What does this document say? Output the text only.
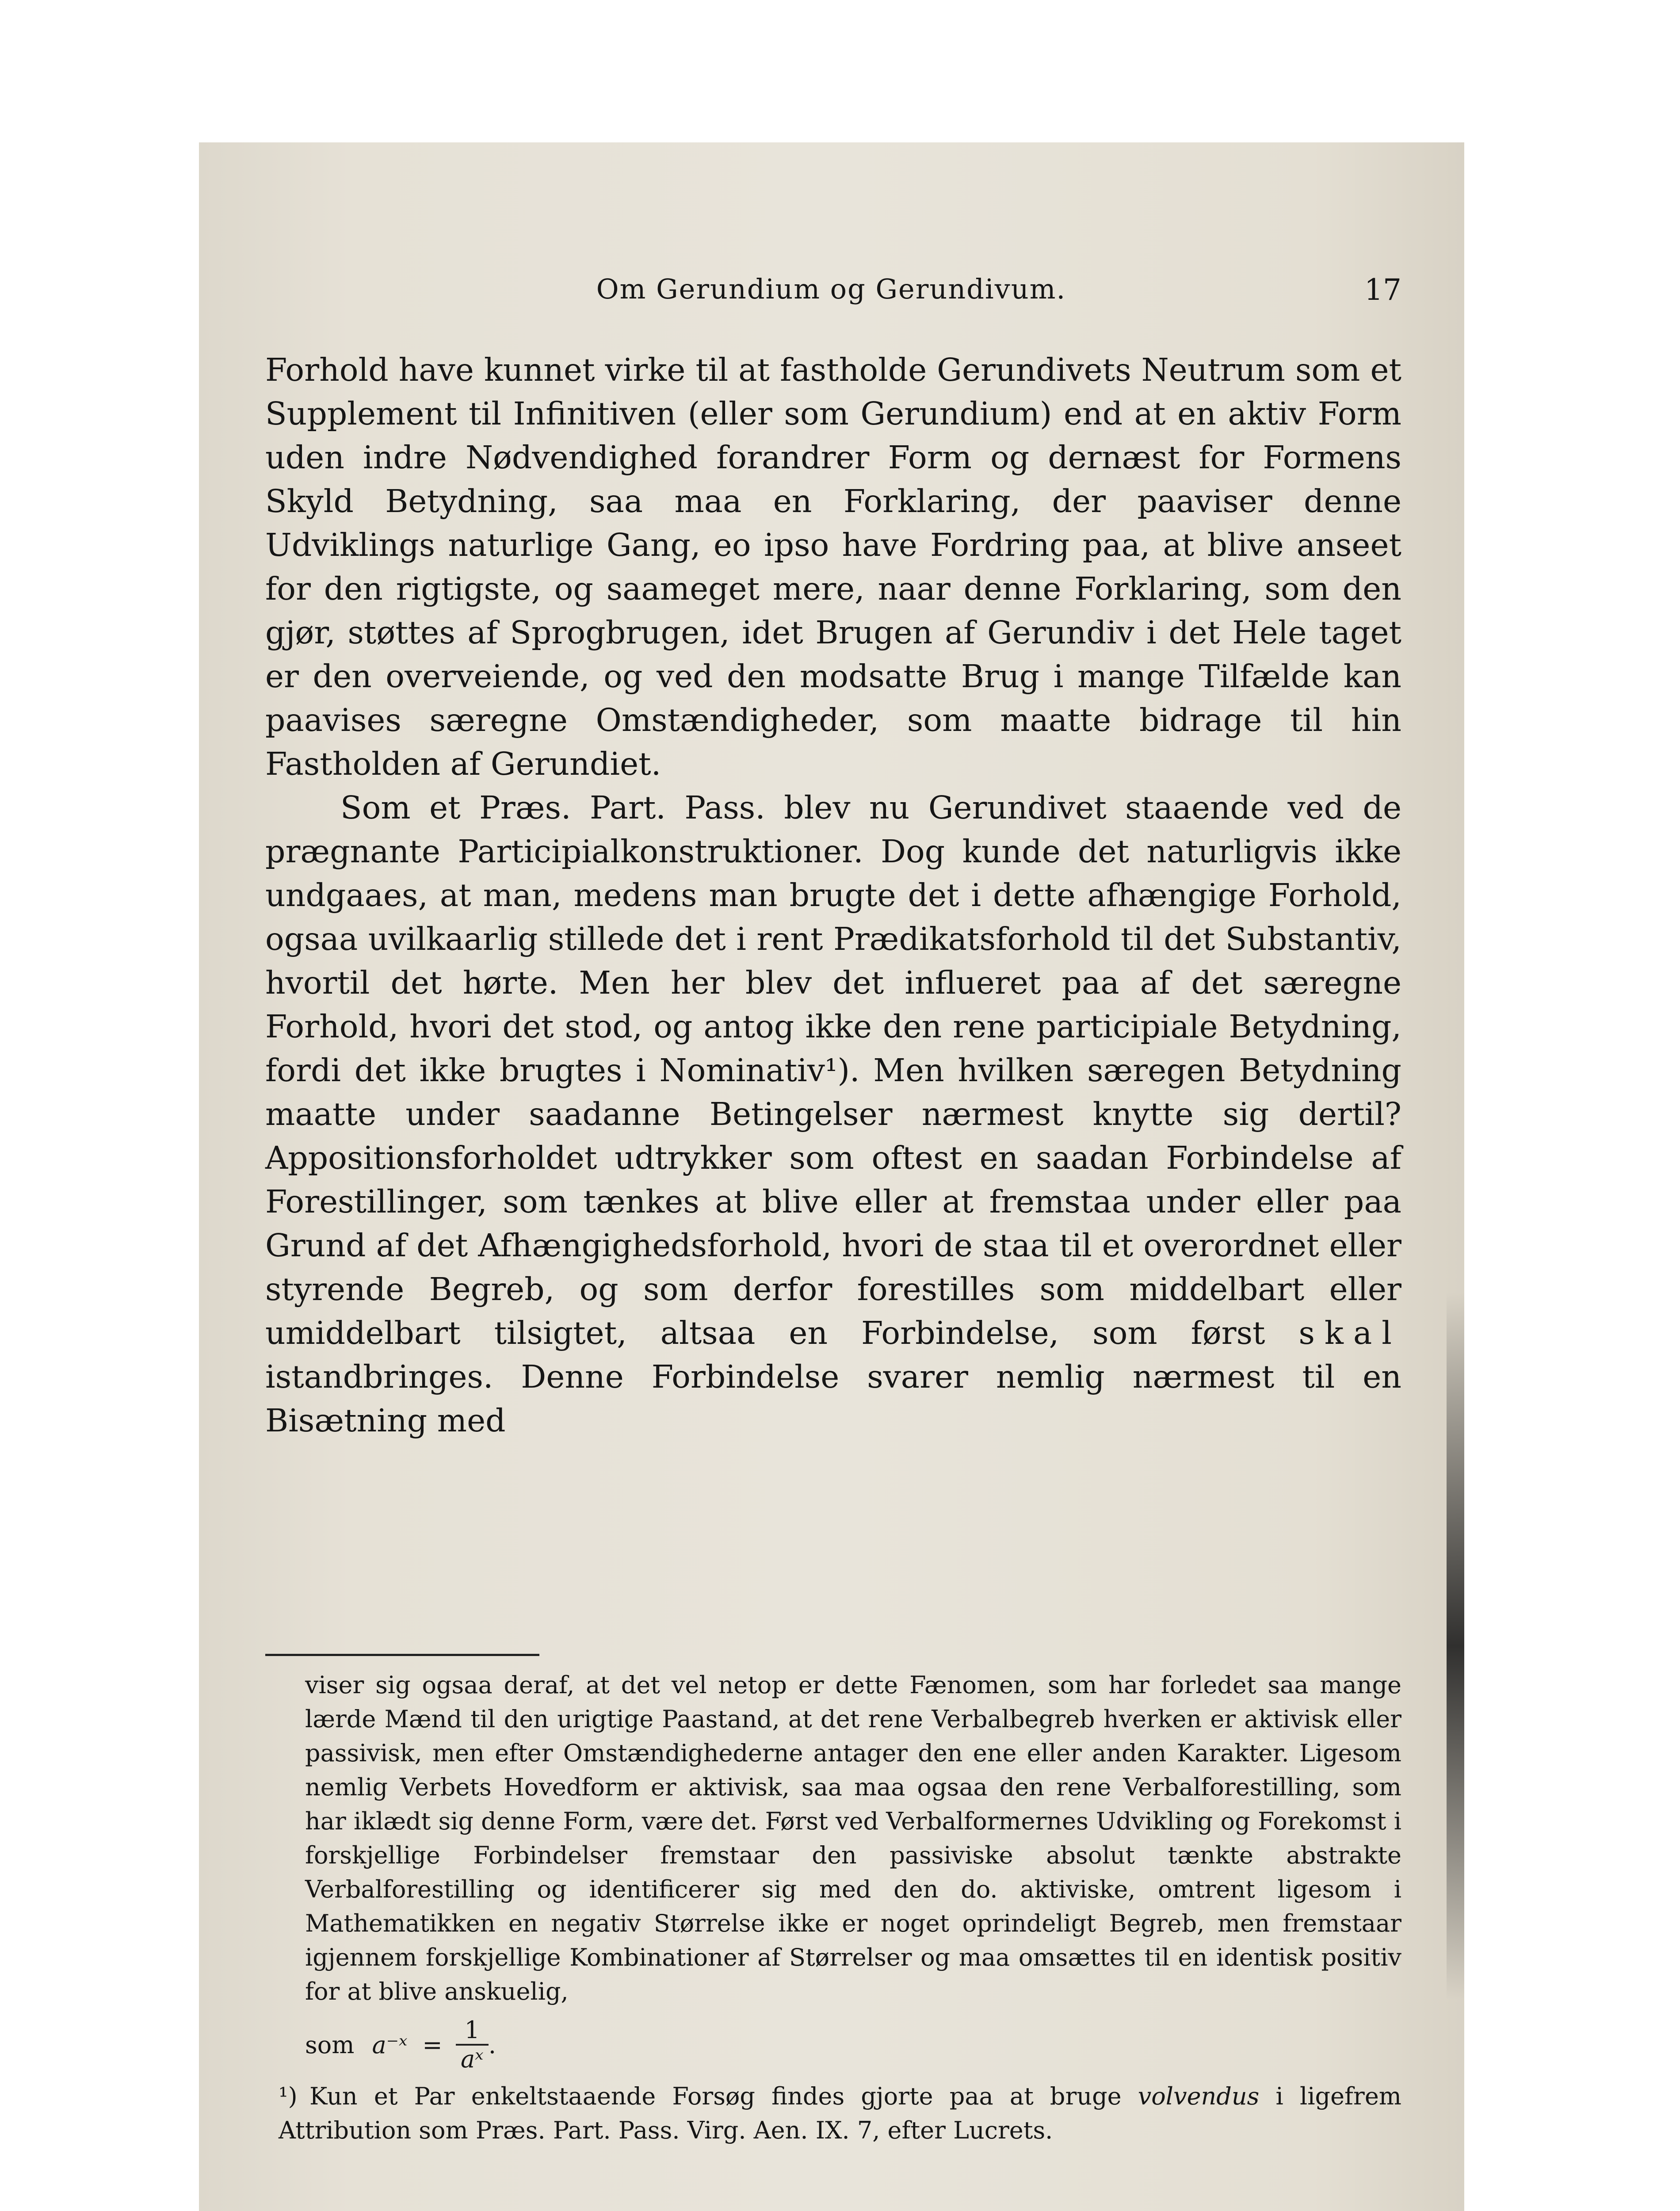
Om Gerundium og Gerundivum.	17

Forhold have kunnet virke til at fastholde Gerundivets Neutrum som et Supplement til Infinitiven (eller som Gerundium) end at en aktiv Form uden indre Nødvendighed forandrer Form og dernæst for Formens Skyld Betydning, saa maa en Forklaring, der paaviser denne Udviklings naturlige Gang, eo ipso have Fordring paa, at blive anseet for den rigtigste, og saameget mere, naar denne Forklaring, som den gjør, støttes af Sprogbrugen, idet Brugen af Gerundiv i det Hele taget er den overveiende, og ved den modsatte Brug i mange Tilfælde kan paavises særegne Omstændigheder, som maatte bidrage til hin Fastholden af Gerundiet.

Som et Præs. Part. Pass. blev nu Gerundivet staaende ved de prægnante Participialkonstruktioner. Dog kunde det naturligvis ikke undgaaes, at man, medens man brugte det i dette afhængige Forhold, ogsaa uvilkaarlig stillede det i rent Prædikatsforhold til det Substantiv, hvortil det hørte. Men her blev det influeret paa af det særegne Forhold, hvori det stod, og antog ikke den rene participiale Betydning, fordi det ikke brugtes i Nominativ¹). Men hvilken særegen Betydning maatte under saadanne Betingelser nærmest knytte sig dertil? Appositionsforholdet udtrykker som oftest en saadan Forbindelse af Forestillinger, som tænkes at blive eller at fremstaa under eller paa Grund af det Afhængighedsforhold, hvori de staa til et overordnet eller styrende Begreb, og som derfor forestilles som middelbart eller umiddelbart tilsigtet, altsaa en Forbindelse, som først skal istandbringes. Denne Forbindelse svarer nemlig nærmest til en Bisætning med

viser sig ogsaa deraf, at det vel netop er dette Fænomen, som har forledet saa mange lærde Mænd til den urigtige Paastand, at det rene Verbalbegreb hverken er aktivisk eller passivisk, men efter Omstændighederne antager den ene eller anden Karakter. Ligesom nemlig Verbets Hovedform er aktivisk, saa maa ogsaa den rene Verbalforestilling, som har iklædt sig denne Form, være det. Først ved Verbalformernes Udvikling og Forekomst i forskjellige Forbindelser fremstaar den passiviske absolut tænkte abstrakte Verbalforestilling og identificerer sig med den do. aktiviske, omtrent ligesom i Mathematikken en negativ Størrelse ikke er noget oprindeligt Begreb, men fremstaar igjennem forskjellige Kombinationer af Størrelser og maa omsættes til en identisk positiv for at blive anskuelig,

som a⁻ˣ = $\frac{1}{\text{aˣ}}$ .

¹) Kun et Par enkeltstaaende Forsøg findes gjorte paa at bruge volvendus i ligefrem Attribution som Præs. Part. Pass. Virg. Aen. IX. 7, efter Lucrets.
